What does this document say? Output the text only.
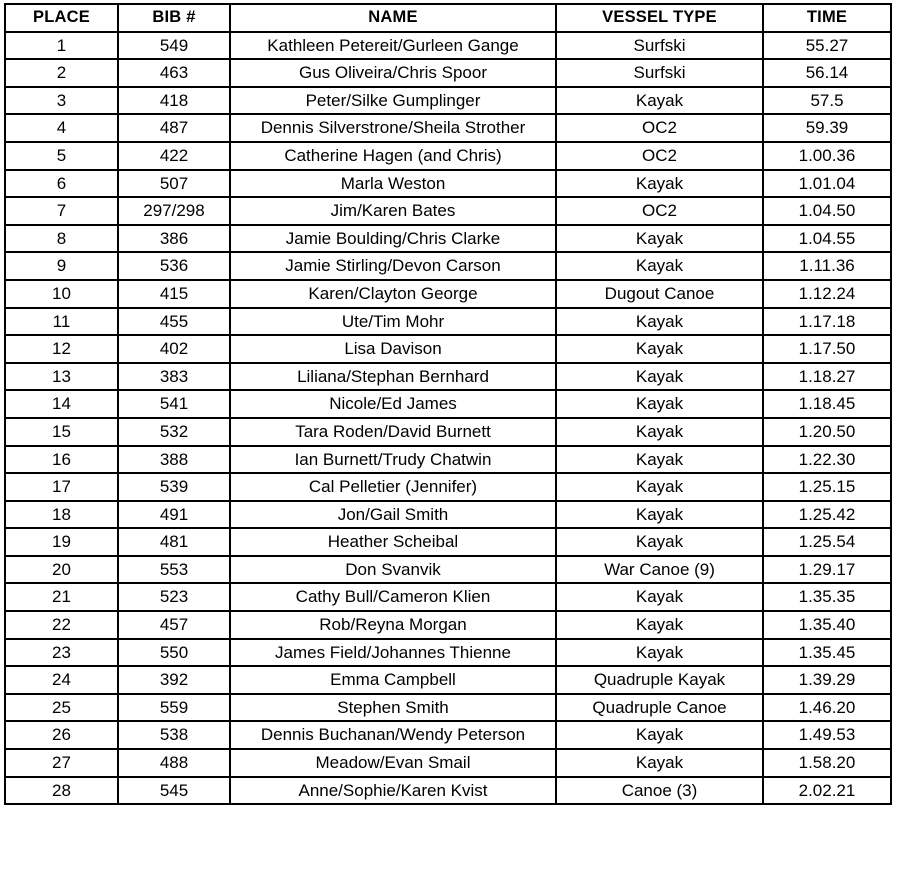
PLACE	BIB #	NAME	VESSEL TYPE	TIME
1	549	Kathleen Petereit/Gurleen Gange	Surfski	55.27
2	463	Gus Oliveira/Chris Spoor	Surfski	56.14
3	418	Peter/Silke Gumplinger	Kayak	57.5
4	487	Dennis Silverstrone/Sheila Strother	OC2	59.39
5	422	Catherine Hagen (and Chris)	OC2	1.00.36
6	507	Marla Weston	Kayak	1.01.04
7	297/298	Jim/Karen Bates	OC2	1.04.50
8	386	Jamie Boulding/Chris Clarke	Kayak	1.04.55
9	536	Jamie Stirling/Devon Carson	Kayak	1.11.36
10	415	Karen/Clayton George	Dugout Canoe	1.12.24
11	455	Ute/Tim Mohr	Kayak	1.17.18
12	402	Lisa Davison	Kayak	1.17.50
13	383	Liliana/Stephan Bernhard	Kayak	1.18.27
14	541	Nicole/Ed James	Kayak	1.18.45
15	532	Tara Roden/David Burnett	Kayak	1.20.50
16	388	Ian Burnett/Trudy Chatwin	Kayak	1.22.30
17	539	Cal Pelletier (Jennifer)	Kayak	1.25.15
18	491	Jon/Gail Smith	Kayak	1.25.42
19	481	Heather Scheibal	Kayak	1.25.54
20	553	Don Svanvik	War Canoe (9)	1.29.17
21	523	Cathy Bull/Cameron Klien	Kayak	1.35.35
22	457	Rob/Reyna Morgan	Kayak	1.35.40
23	550	James Field/Johannes Thienne	Kayak	1.35.45
24	392	Emma Campbell	Quadruple Kayak	1.39.29
25	559	Stephen Smith	Quadruple Canoe	1.46.20
26	538	Dennis Buchanan/Wendy Peterson	Kayak	1.49.53
27	488	Meadow/Evan Smail	Kayak	1.58.20
28	545	Anne/Sophie/Karen Kvist	Canoe (3)	2.02.21
